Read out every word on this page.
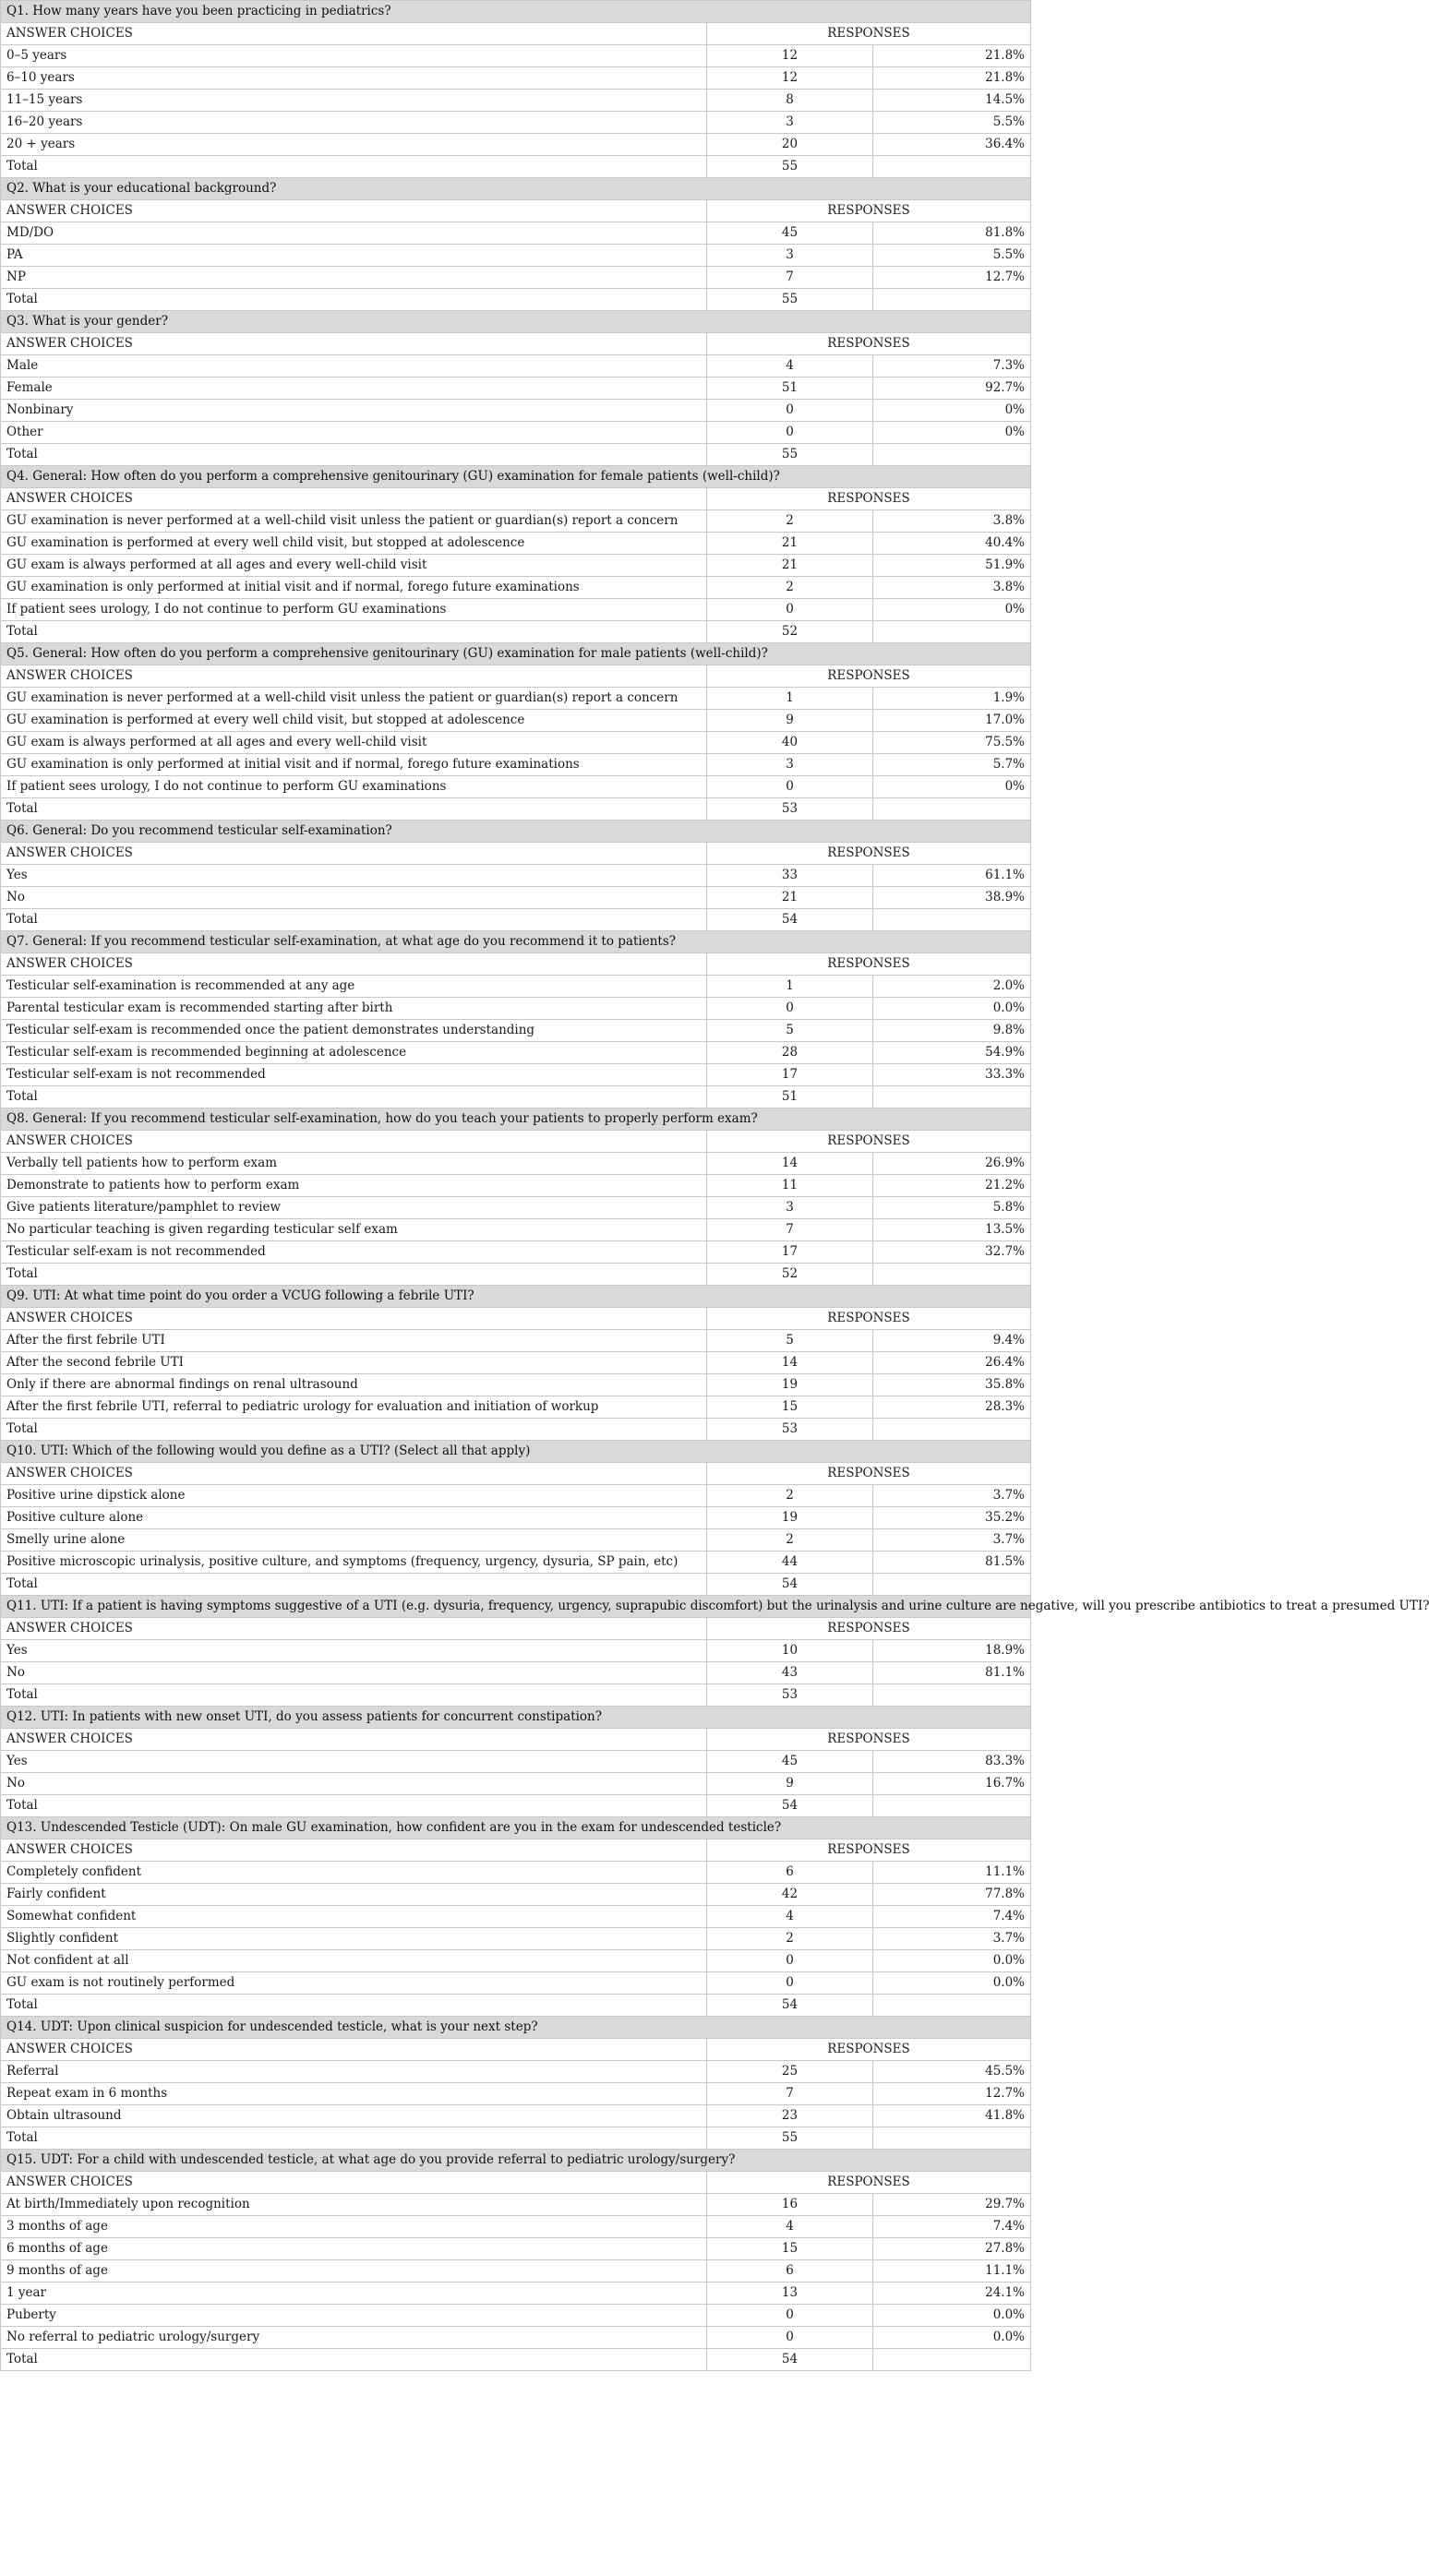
Q1. How many years have you been practicing in pediatrics?		
ANSWER CHOICES	RESPONSES	
0–5 years	12	21.8%
6–10 years	12	21.8%
11–15 years	8	14.5%
16–20 years	3	5.5%
20 + years	20	36.4%
Total	55	
Q2. What is your educational background?		
ANSWER CHOICES	RESPONSES	
MD/DO	45	81.8%
PA	3	5.5%
NP	7	12.7%
Total	55	
Q3. What is your gender?		
ANSWER CHOICES	RESPONSES	
Male	4	7.3%
Female	51	92.7%
Nonbinary	0	0%
Other	0	0%
Total	55	
Q4. General: How often do you perform a comprehensive genitourinary (GU) examination for female patients (well-child)?		
ANSWER CHOICES	RESPONSES	
GU examination is never performed at a well-child visit unless the patient or guardian(s) report a concern	2	3.8%
GU examination is performed at every well child visit, but stopped at adolescence	21	40.4%
GU exam is always performed at all ages and every well-child visit	21	51.9%
GU examination is only performed at initial visit and if normal, forego future examinations	2	3.8%
If patient sees urology, I do not continue to perform GU examinations	0	0%
Total	52	
Q5. General: How often do you perform a comprehensive genitourinary (GU) examination for male patients (well-child)?		
ANSWER CHOICES	RESPONSES	
GU examination is never performed at a well-child visit unless the patient or guardian(s) report a concern	1	1.9%
GU examination is performed at every well child visit, but stopped at adolescence	9	17.0%
GU exam is always performed at all ages and every well-child visit	40	75.5%
GU examination is only performed at initial visit and if normal, forego future examinations	3	5.7%
If patient sees urology, I do not continue to perform GU examinations	0	0%
Total	53	
Q6. General: Do you recommend testicular self-examination?		
ANSWER CHOICES	RESPONSES	
Yes	33	61.1%
No	21	38.9%
Total	54	
Q7. General: If you recommend testicular self-examination, at what age do you recommend it to patients?		
ANSWER CHOICES	RESPONSES	
Testicular self-examination is recommended at any age	1	2.0%
Parental testicular exam is recommended starting after birth	0	0.0%
Testicular self-exam is recommended once the patient demonstrates understanding	5	9.8%
Testicular self-exam is recommended beginning at adolescence	28	54.9%
Testicular self-exam is not recommended	17	33.3%
Total	51	
Q8. General: If you recommend testicular self-examination, how do you teach your patients to properly perform exam?		
ANSWER CHOICES	RESPONSES	
Verbally tell patients how to perform exam	14	26.9%
Demonstrate to patients how to perform exam	11	21.2%
Give patients literature/pamphlet to review	3	5.8%
No particular teaching is given regarding testicular self exam	7	13.5%
Testicular self-exam is not recommended	17	32.7%
Total	52	
Q9. UTI: At what time point do you order a VCUG following a febrile UTI?		
ANSWER CHOICES	RESPONSES	
After the first febrile UTI	5	9.4%
After the second febrile UTI	14	26.4%
Only if there are abnormal findings on renal ultrasound	19	35.8%
After the first febrile UTI, referral to pediatric urology for evaluation and initiation of workup	15	28.3%
Total	53	
Q10. UTI: Which of the following would you define as a UTI? (Select all that apply)		
ANSWER CHOICES	RESPONSES	
Positive urine dipstick alone	2	3.7%
Positive culture alone	19	35.2%
Smelly urine alone	2	3.7%
Positive microscopic urinalysis, positive culture, and symptoms (frequency, urgency, dysuria, SP pain, etc)	44	81.5%
Total	54	
Q11. UTI: If a patient is having symptoms suggestive of a UTI (e.g. dysuria, frequency, urgency, suprapubic discomfort) but the urinalysis and urine culture are negative, will you prescribe antibiotics to treat a presumed UTI?		
ANSWER CHOICES	RESPONSES	
Yes	10	18.9%
No	43	81.1%
Total	53	
Q12. UTI: In patients with new onset UTI, do you assess patients for concurrent constipation?		
ANSWER CHOICES	RESPONSES	
Yes	45	83.3%
No	9	16.7%
Total	54	
Q13. Undescended Testicle (UDT): On male GU examination, how confident are you in the exam for undescended testicle?		
ANSWER CHOICES	RESPONSES	
Completely confident	6	11.1%
Fairly confident	42	77.8%
Somewhat confident	4	7.4%
Slightly confident	2	3.7%
Not confident at all	0	0.0%
GU exam is not routinely performed	0	0.0%
Total	54	
Q14. UDT: Upon clinical suspicion for undescended testicle, what is your next step?		
ANSWER CHOICES	RESPONSES	
Referral	25	45.5%
Repeat exam in 6 months	7	12.7%
Obtain ultrasound	23	41.8%
Total	55	
Q15. UDT: For a child with undescended testicle, at what age do you provide referral to pediatric urology/surgery?		
ANSWER CHOICES	RESPONSES	
At birth/Immediately upon recognition	16	29.7%
3 months of age	4	7.4%
6 months of age	15	27.8%
9 months of age	6	11.1%
1 year	13	24.1%
Puberty	0	0.0%
No referral to pediatric urology/surgery	0	0.0%
Total	54	
